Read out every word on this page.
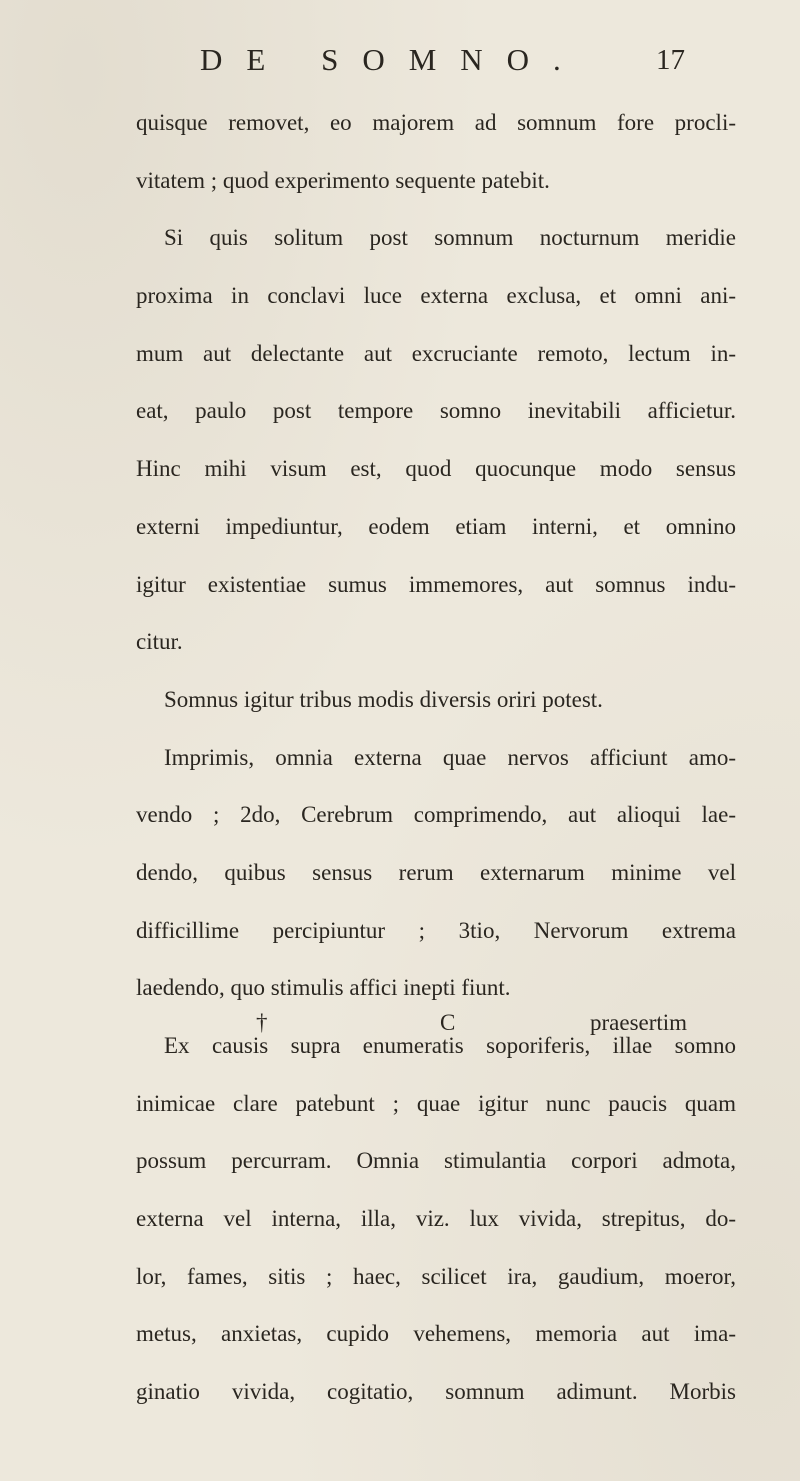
DE SOMNO. 17
quisque removet, eo majorem ad somnum fore procli-
vitatem ; quod experimento sequente patebit.
Si quis solitum post somnum nocturnum meridie
proxima in conclavi luce externa exclusa, et omni ani-
mum aut delectante aut excruciante remoto, lectum in-
eat, paulo post tempore somno inevitabili afficietur.
Hinc mihi visum est, quod quocunque modo sensus
externi impediuntur, eodem etiam interni, et omnino
igitur existentiae sumus immemores, aut somnus indu-
citur.
Somnus igitur tribus modis diversis oriri potest.
Imprimis, omnia externa quae nervos afficiunt amo-
vendo ; 2do, Cerebrum comprimendo, aut alioqui lae-
dendo, quibus sensus rerum externarum minime vel
difficillime percipiuntur ; 3tio, Nervorum extrema
laedendo, quo stimulis affici inepti fiunt.
Ex causis supra enumeratis soporiferis, illae somno
inimicae clare patebunt ; quae igitur nunc paucis quam
possum percurram. Omnia stimulantia corpori admota,
externa vel interna, illa, viz. lux vivida, strepitus, do-
lor, fames, sitis ; haec, scilicet ira, gaudium, moeror,
metus, anxietas, cupido vehemens, memoria aut ima-
ginatio vivida, cogitatio, somnum adimunt. Morbis
†	C	praesertim
